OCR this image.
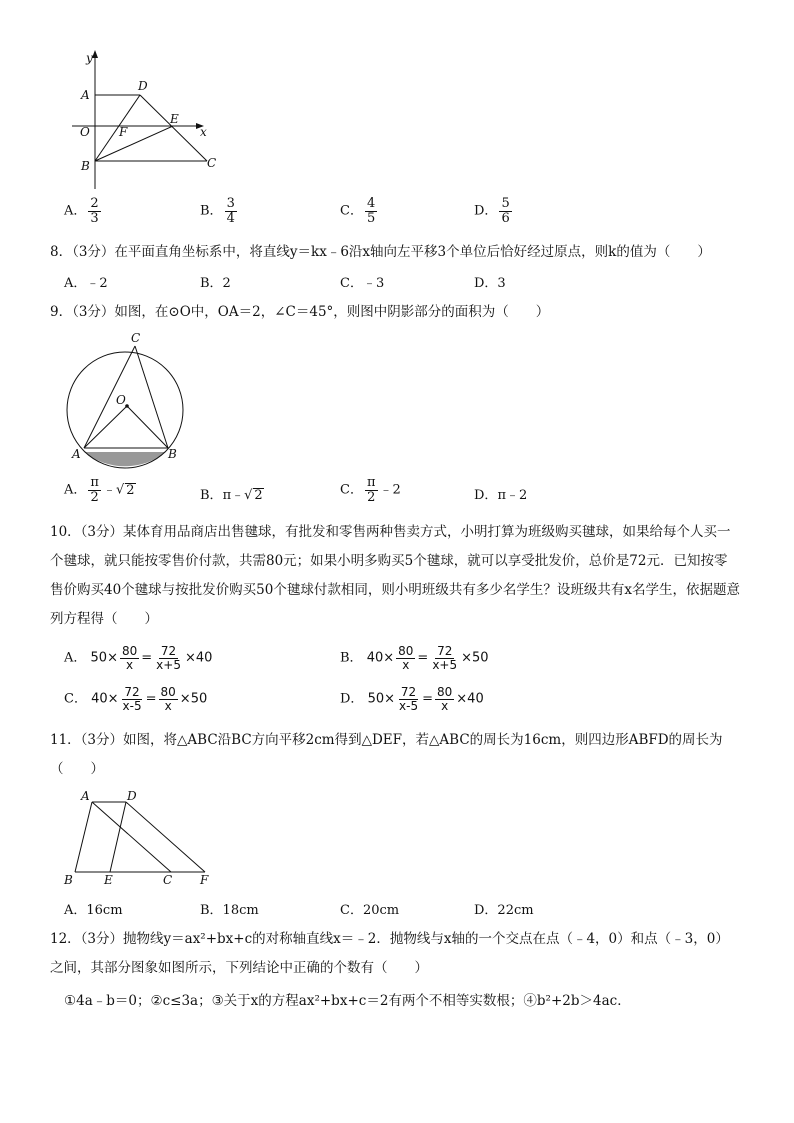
y
x
A
D
O F
E
B	C
A． $\frac{2}{3}$	B． $\frac{3}{4}$	C． $\frac{4}{5}$	D． $\frac{5}{6}$
8．（3分）在平面直角坐标系中，将直线y＝kx﹣6沿x轴向左平移3个单位后恰好经过原点，则k的值为（　　）
A．﹣2	B．2	C．﹣3	D．3
9．（3分）如图，在⊙O中，OA＝2，∠C＝45°，则图中阴影部分的面积为（　　）
C
O
A	B
A． $\frac{\pi}{2}$ ﹣√ 2	B．π﹣√ 2	C． $\frac{\pi}{2}$ ﹣2	D．π﹣2
10．（3分）某体育用品商店出售毽球，有批发和零售两种售卖方式，小明打算为班级购买毽球，如果给每个人买一个毽球，就只能按零售价付款，共需80元；如果小明多购买5个毽球，就可以享受批发价，总价是72元．已知按零售价购买40个毽球与按批发价购买50个毽球付款相同，则小明班级共有多少名学生？设班级共有x名学生，依据题意列方程得（　　）
A． $50\times \frac{80}{x} = \frac{72}{x+5} \times 40$	B． $40\times \frac{80}{x} = \frac{72}{x+5} \times 50$
C． $40\times \frac{72}{x-5} = \frac{80}{x} \times 50$	D． $50\times \frac{72}{x-5} = \frac{80}{x} \times 40$
11．（3分）如图，将△ABC沿BC方向平移2cm得到△DEF，若△ABC的周长为16cm，则四边形ABFD的周长为（　　）
A	D
B	E	C F
A．16cm	B．18cm	C．20cm	D．22cm
12．（3分）抛物线y＝ax²+bx+c的对称轴直线x＝﹣2．抛物线与x轴的一个交点在点（﹣4，0）和点（﹣3，0）之间，其部分图象如图所示，下列结论中正确的个数有（　　）
①4a﹣b＝0；②c≤3a；③关于x的方程ax²+bx+c＝2有两个不相等实数根；④b²+2b＞4ac．
